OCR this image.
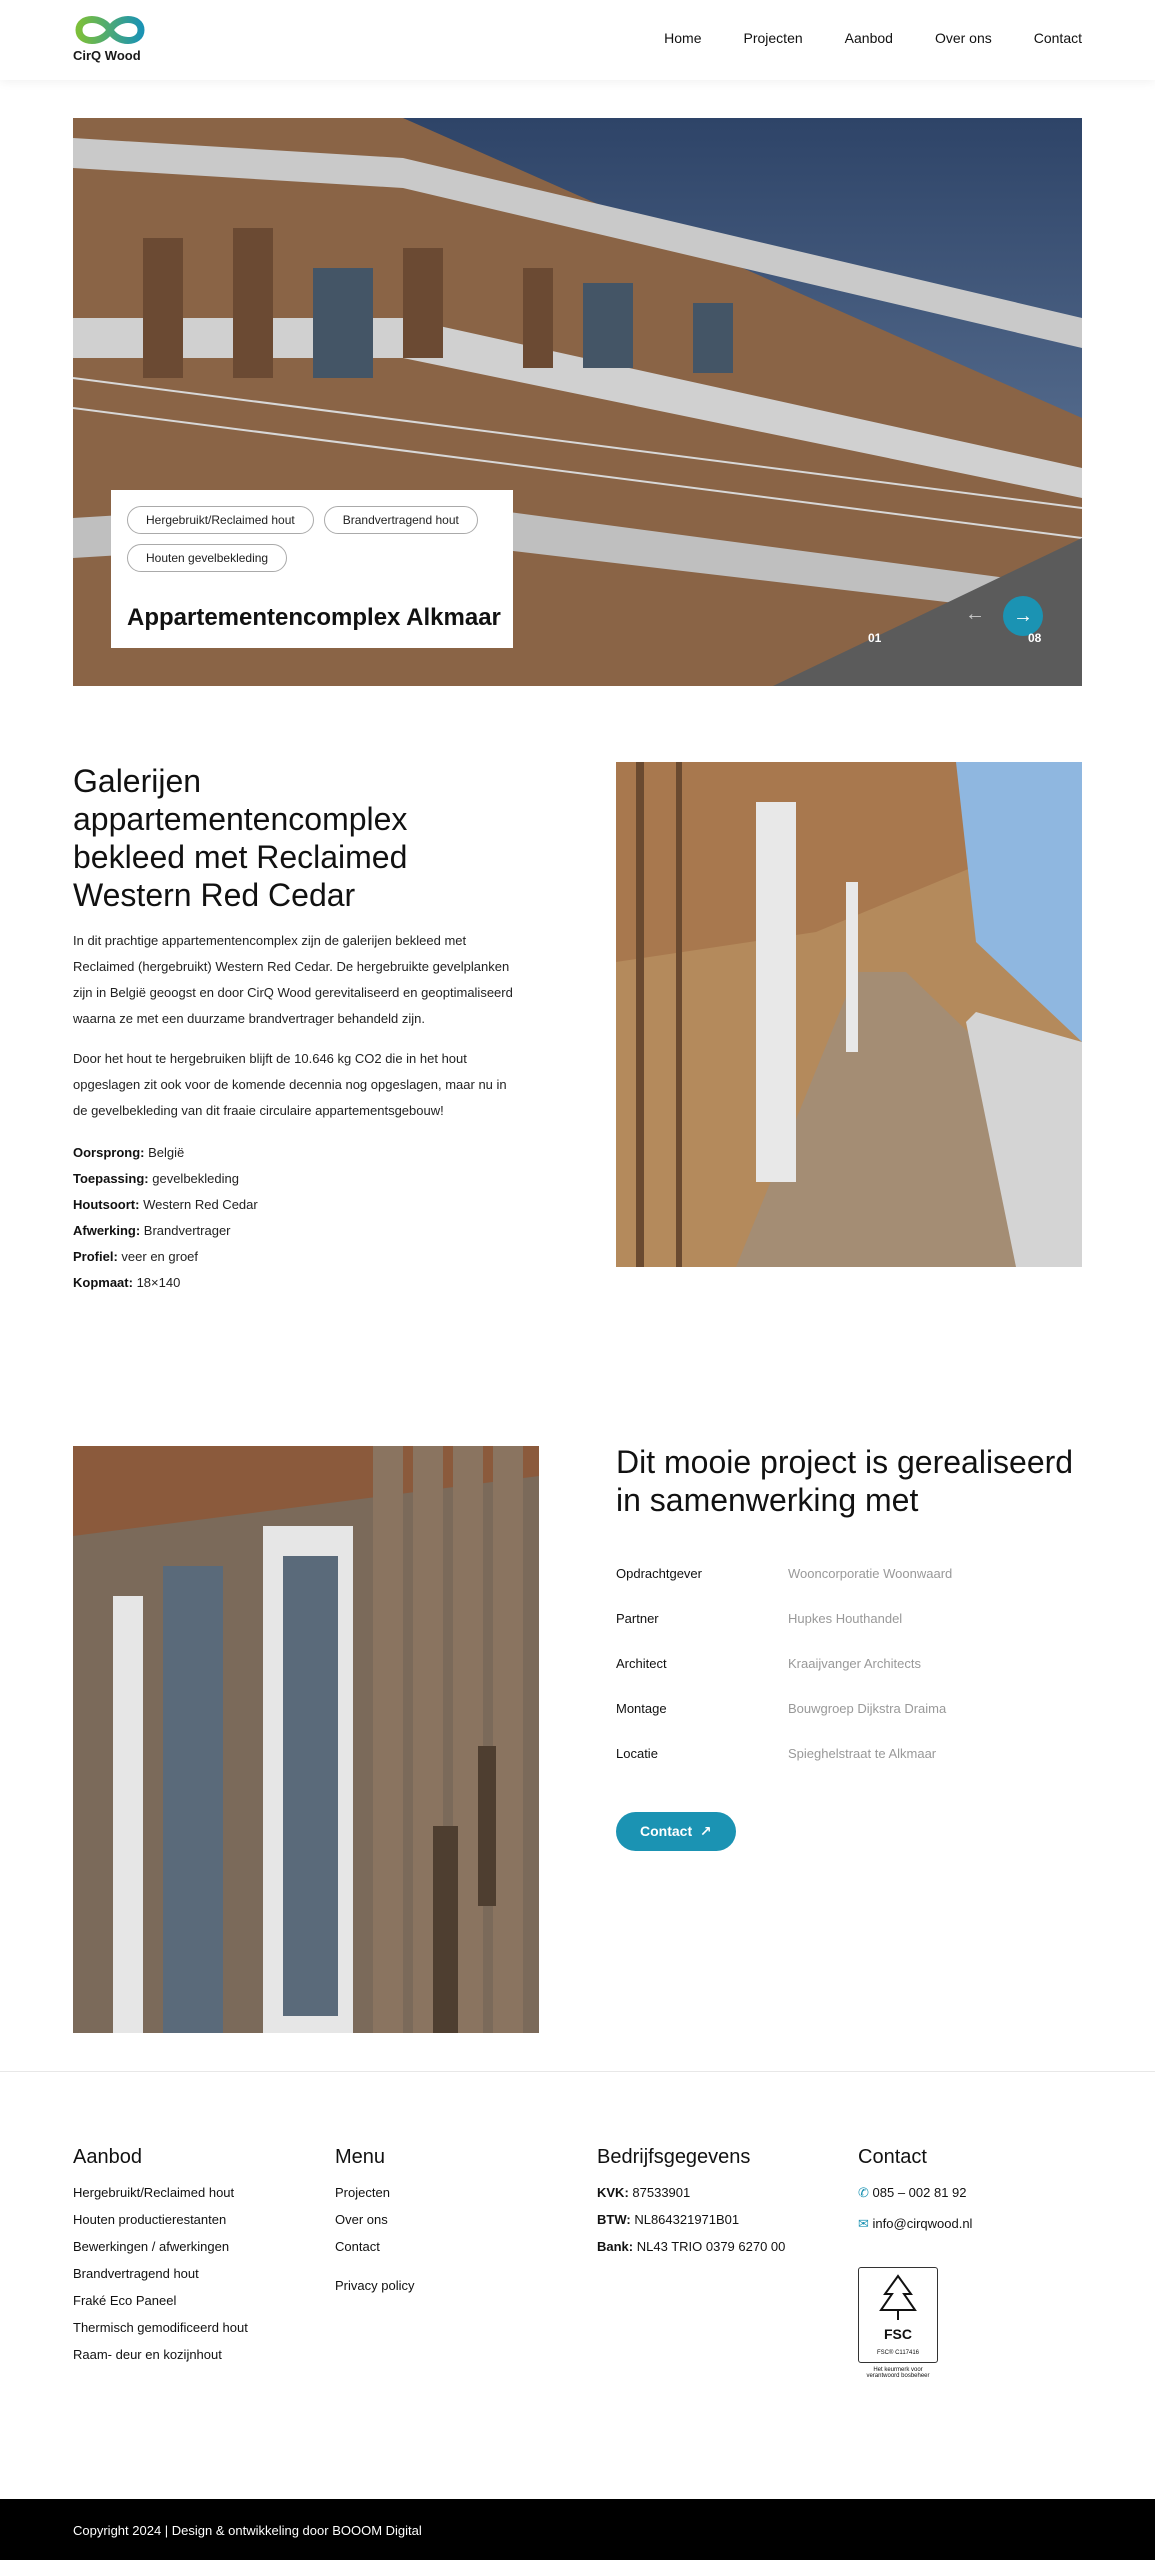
CirQ Wood
Home	Projecten	Aanbod	Over ons	Contact
Hergebruikt/Reclaimed hout	Brandvertragend hout
Houten gevelbekleding
Appartementencomplex Alkmaar	←	→
01	08
Galerijen appartementencomplex bekleed met Reclaimed Western Red Cedar

In dit prachtige appartementencomplex zijn de galerijen bekleed met Reclaimed (hergebruikt) Western Red Cedar. De hergebruikte gevelplanken zijn in België geoogst en door CirQ Wood gerevitaliseerd en geoptimaliseerd waarna ze met een duurzame brandvertrager behandeld zijn.

Door het hout te hergebruiken blijft de 10.646 kg CO2 die in het hout opgeslagen zit ook voor de komende decennia nog opgeslagen, maar nu in de gevelbekleding van dit fraaie circulaire appartementsgebouw!

Oorsprong: België
Toepassing: gevelbekleding
Houtsoort: Western Red Cedar
Afwerking: Brandvertrager
Profiel: veer en groef
Kopmaat: 18×140
Dit mooie project is gerealiseerd in samenwerking met
Opdrachtgever	Wooncorporatie Woonwaard
Partner	Hupkes Houthandel
Architect	Kraaijvanger Architects
Montage	Bouwgroep Dijkstra Draima
Locatie	Spieghelstraat te Alkmaar
Contact  ↗
Aanbod
Hergebruikt/Reclaimed hout
Houten productierestanten
Bewerkingen / afwerkingen
Brandvertragend hout
Fraké Eco Paneel
Thermisch gemodificeerd hout
Raam- deur en kozijnhout
Menu
Projecten
Over ons
Contact
Privacy policy
Bedrijfsgegevens
KVK: 87533901
BTW: NL864321971B01
Bank: NL43 TRIO 0379 6270 00
Contact
✆ 085 – 002 81 92
✉ info@cirqwood.nl
FSC
FSC® C117416
Het keurmerk voor verantwoord bosbeheer
Copyright 2024 | Design & ontwikkeling door BOOOM Digital
